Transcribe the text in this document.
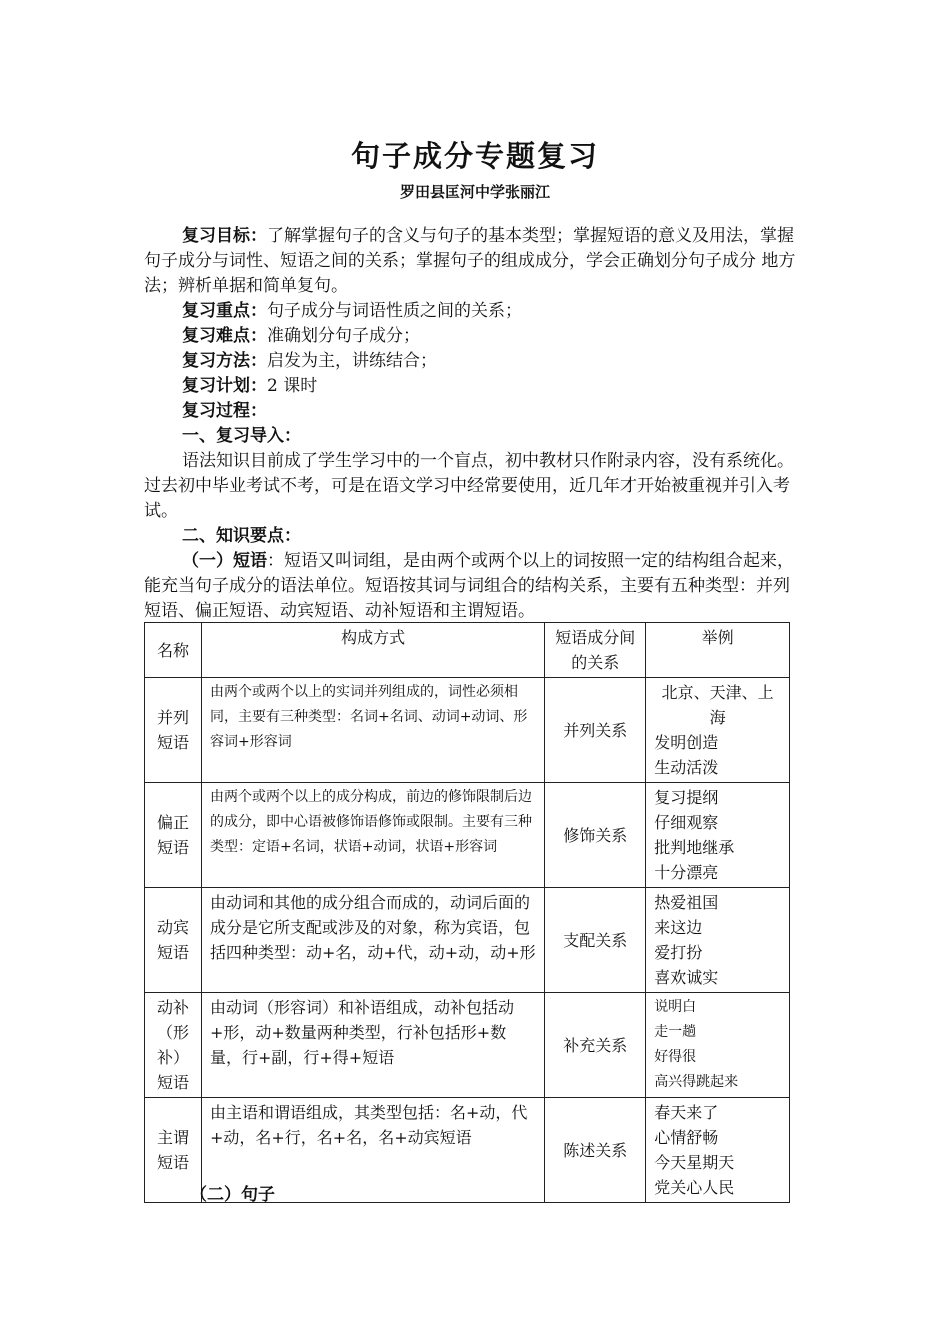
句子成分专题复习
罗田县匡河中学张丽江

复习目标：了解掌握句子的含义与句子的基本类型；掌握短语的意义及用法，掌握句子成分与词性、短语之间的关系；掌握句子的组成成分，学会正确划分句子成分 地方法；辨析单据和简单复句。

复习重点：句子成分与词语性质之间的关系；
复习难点：准确划分句子成分；
复习方法：启发为主，讲练结合；
复习计划：2 课时
复习过程：
一、复习导入：

语法知识目前成了学生学习中的一个盲点，初中教材只作附录内容，没有系统化。过去初中毕业考试不考，可是在语文学习中经常要使用，近几年才开始被重视并引入考试。

二、知识要点：

（一）短语：短语又叫词组，是由两个或两个以上的词按照一定的结构组合起来，能充当句子成分的语法单位。短语按其词与词组合的结构关系，主要有五种类型：并列短语、偏正短语、动宾短语、动补短语和主谓短语。

名称	构成方式	短语成分间的关系	举例
并列短语	由两个或两个以上的实词并列组成的，词性必须相同，主要有三种类型：名词+名词、动词+动词、形容词+形容词	并列关系	北京、天津、上海
发明创造
生动活泼

偏正短语	由两个或两个以上的成分构成，前边的修饰限制后边的成分，即中心语被修饰语修饰或限制。主要有三种类型：定语+名词，状语+动词，状语+形容词	修饰关系	复习提纲
仔细观察
批判地继承
十分漂亮

动宾短语	由动词和其他的成分组合而成的，动词后面的成分是它所支配或涉及的对象，称为宾语，包括四种类型：动+名，动+代，动+动，动+形	支配关系	热爱祖国
来这边
爱打扮
喜欢诚实

动补（形补）短语	由动词（形容词）和补语组成，动补包括动+形，动+数量两种类型，行补包括形+数量，行+副，行+得+短语	补充关系	说明白
走一趟
好得很
高兴得跳起来

主谓短语	由主语和谓语组成，其类型包括：名+动，代+动，名+行，名+名，名+动宾短语	陈述关系	春天来了
心情舒畅
今天星期天
党关心人民
（二）句子
